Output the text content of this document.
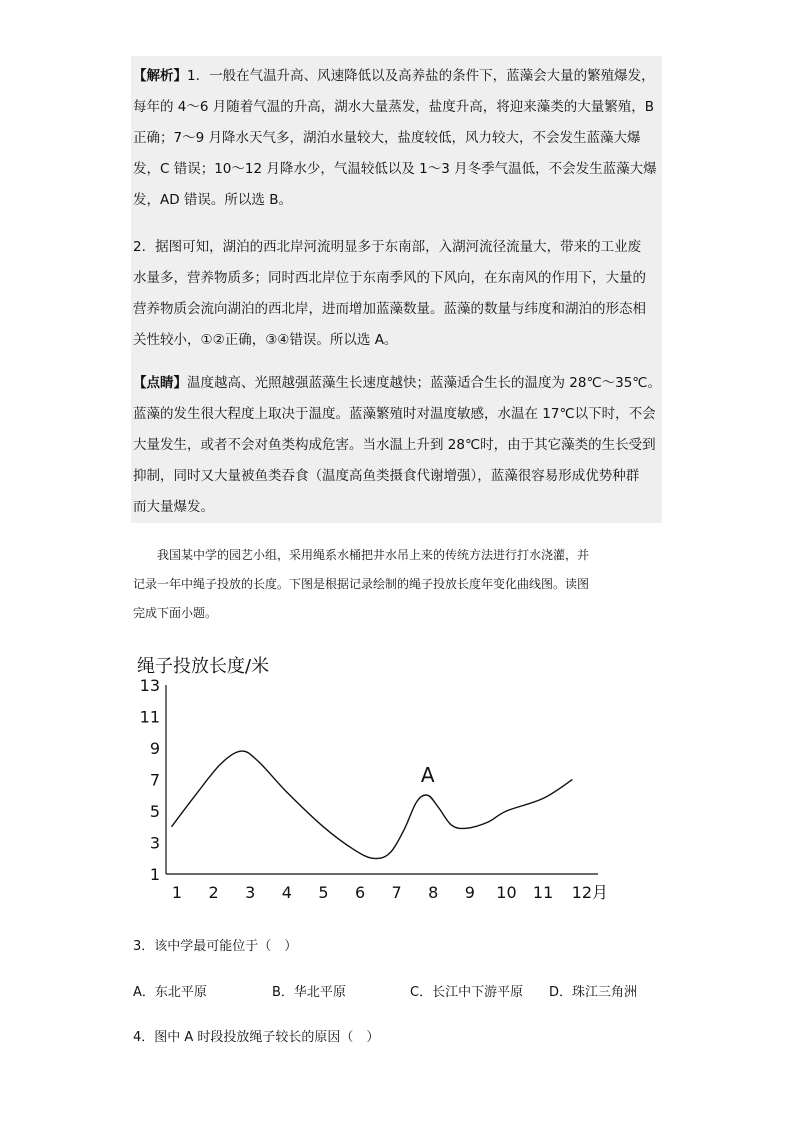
【解析】1．一般在气温升高、风速降低以及高养盐的条件下，蓝藻会大量的繁殖爆发，
每年的 4～6 月随着气温的升高，湖水大量蒸发，盐度升高，将迎来藻类的大量繁殖，B
正确；7～9 月降水天气多，湖泊水量较大，盐度较低，风力较大，不会发生蓝藻大爆
发，C 错误；10～12 月降水少，气温较低以及 1～3 月冬季气温低，不会发生蓝藻大爆
发，AD 错误。所以选 B。
2．据图可知，湖泊的西北岸河流明显多于东南部，入湖河流径流量大，带来的工业废
水量多，营养物质多；同时西北岸位于东南季风的下风向，在东南风的作用下，大量的
营养物质会流向湖泊的西北岸，进而增加蓝藻数量。蓝藻的数量与纬度和湖泊的形态相
关性较小，①②正确，③④错误。所以选 A。
【点睛】温度越高、光照越强蓝藻生长速度越快；蓝藻适合生长的温度为 28℃～35℃。
蓝藻的发生很大程度上取决于温度。蓝藻繁殖时对温度敏感，水温在 17℃以下时，不会
大量发生，或者不会对鱼类构成危害。当水温上升到 28℃时，由于其它藻类的生长受到
抑制，同时又大量被鱼类吞食（温度高鱼类摄食代谢增强），蓝藻很容易形成优势种群
而大量爆发。
我国某中学的园艺小组，采用绳系水桶把井水吊上来的传统方法进行打水浇灌，并
记录一年中绳子投放的长度。下图是根据记录绘制的绳子投放长度年变化曲线图。读图
完成下面小题。
绳子投放长度/米
1
3
5
7
9
11
13
1 2 3 4 5 6 7 8 9 10 11 12月
A
3．该中学最可能位于（　）
A．东北平原	B．华北平原	C．长江中下游平原 D．珠江三角洲
4．图中 A 时段投放绳子较长的原因（　）
